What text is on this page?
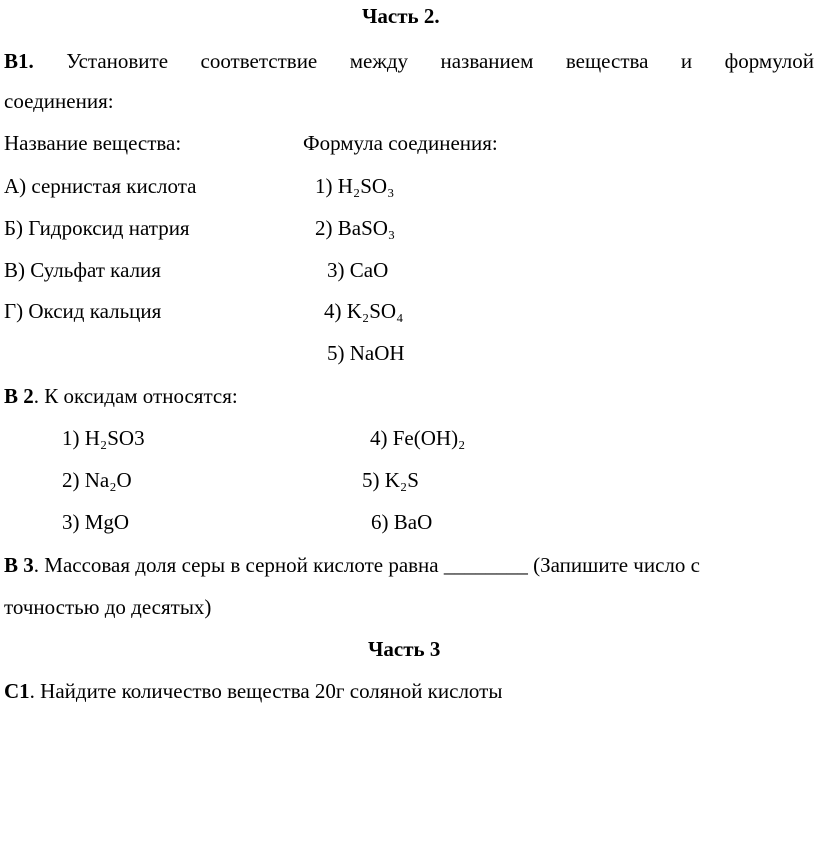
Часть 2.
В1. Установите соответствие между названием вещества и формулой
соединения:
Название вещества:	Формула соединения:
А) сернистая кислота
Б) Гидроксид натрия
В) Сульфат калия
Г) Оксид кальция
1) H₂SO₃
2) BaSO₃
3) CaO
4) K₂SO₄
5) NaOH
В 2. К оксидам относятся:
1) H₂SO3
2) Na₂O
3) MgO
4) Fe(OH)₂
5) K₂S
6) BaO
В 3. Массовая доля серы в серной кислоте равна ________ (Запишите число с
точностью до десятых)
Часть 3
С1. Найдите количество вещества 20г соляной кислоты
